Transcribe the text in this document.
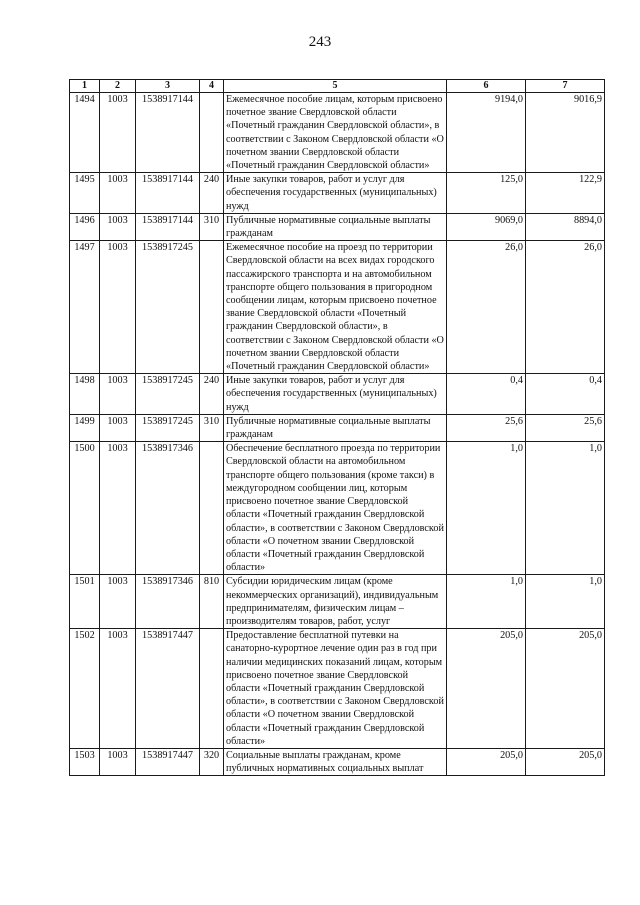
243
1	2	3	4	5	6	7
1494	1003	1538917144		Ежемесячное пособие лицам, которым присвоено почетное звание Свердловской области «Почетный гражданин Свердловской области», в соответствии с Законом Свердловской области «О почетном звании Свердловской области «Почетный гражданин Свердловской области»	9194,0	9016,9
1495	1003	1538917144	240	Иные закупки товаров, работ и услуг для обеспечения государственных (муниципальных) нужд	125,0	122,9
1496	1003	1538917144	310	Публичные нормативные социальные выплаты гражданам	9069,0	8894,0
1497	1003	1538917245		Ежемесячное пособие на проезд по территории Свердловской области на всех видах городского пассажирского транспорта и на автомобильном транспорте общего пользования в пригородном сообщении лицам, которым присвоено почетное звание Свердловской области «Почетный гражданин Свердловской области», в соответствии с Законом Свердловской области «О почетном звании Свердловской области «Почетный гражданин Свердловской области»	26,0	26,0
1498	1003	1538917245	240	Иные закупки товаров, работ и услуг для обеспечения государственных (муниципальных) нужд	0,4	0,4
1499	1003	1538917245	310	Публичные нормативные социальные выплаты гражданам	25,6	25,6
1500	1003	1538917346		Обеспечение бесплатного проезда по территории Свердловской области на автомобильном транспорте общего пользования (кроме такси) в междугородном сообщении лиц, которым присвоено почетное звание Свердловской области «Почетный гражданин Свердловской области», в соответствии с Законом Свердловской области «О почетном звании Свердловской области «Почетный гражданин Свердловской области»	1,0	1,0
1501	1003	1538917346	810	Субсидии юридическим лицам (кроме некоммерческих организаций), индивидуальным предпринимателям, физическим лицам – производителям товаров, работ, услуг	1,0	1,0
1502	1003	1538917447		Предоставление бесплатной путевки на санаторно-курортное лечение один раз в год при наличии медицинских показаний лицам, которым присвоено почетное звание Свердловской области «Почетный гражданин Свердловской области», в соответствии с Законом Свердловской области «О почетном звании Свердловской области «Почетный гражданин Свердловской области»	205,0	205,0
1503	1003	1538917447	320	Социальные выплаты гражданам, кроме публичных нормативных социальных выплат	205,0	205,0
